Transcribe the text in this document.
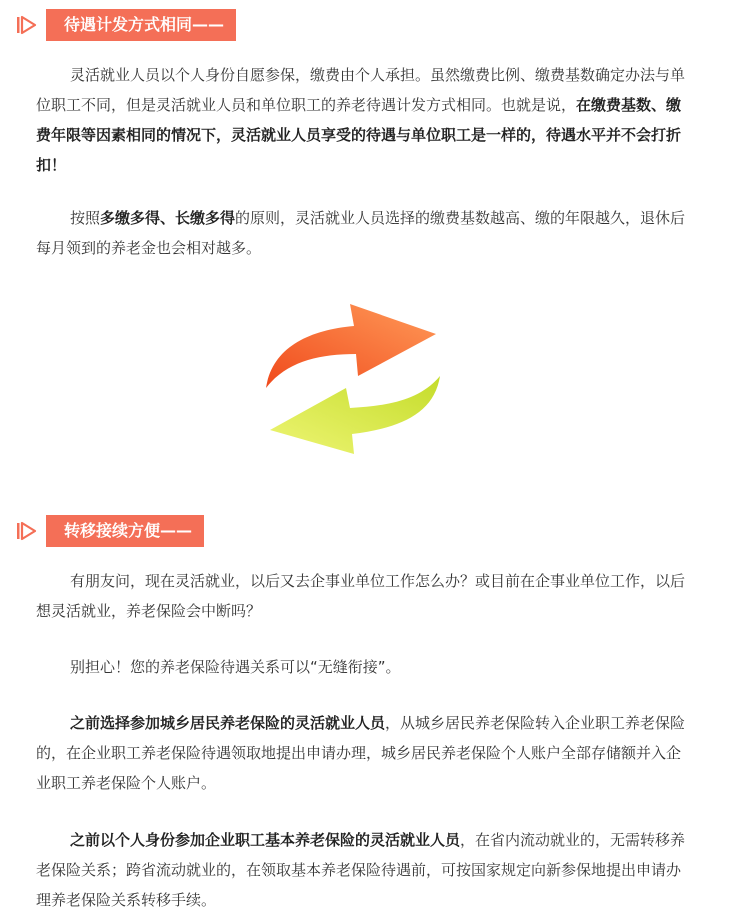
待遇计发方式相同——

灵活就业人员以个人身份自愿参保，缴费由个人承担。虽然缴费比例、缴费基数确定办法与单位职工不同，但是灵活就业人员和单位职工的养老待遇计发方式相同。也就是说，在缴费基数、缴费年限等因素相同的情况下，灵活就业人员享受的待遇与单位职工是一样的，待遇水平并不会打折扣！

按照多缴多得、长缴多得的原则，灵活就业人员选择的缴费基数越高、缴的年限越久，退休后每月领到的养老金也会相对越多。

转移接续方便——

有朋友问，现在灵活就业，以后又去企事业单位工作怎么办？或目前在企事业单位工作，以后想灵活就业，养老保险会中断吗？

别担心！您的养老保险待遇关系可以“无缝衔接”。

之前选择参加城乡居民养老保险的灵活就业人员，从城乡居民养老保险转入企业职工养老保险的，在企业职工养老保险待遇领取地提出申请办理，城乡居民养老保险个人账户全部存储额并入企业职工养老保险个人账户。

之前以个人身份参加企业职工基本养老保险的灵活就业人员，在省内流动就业的，无需转移养老保险关系；跨省流动就业的，在领取基本养老保险待遇前，可按国家规定向新参保地提出申请办理养老保险关系转移手续。
